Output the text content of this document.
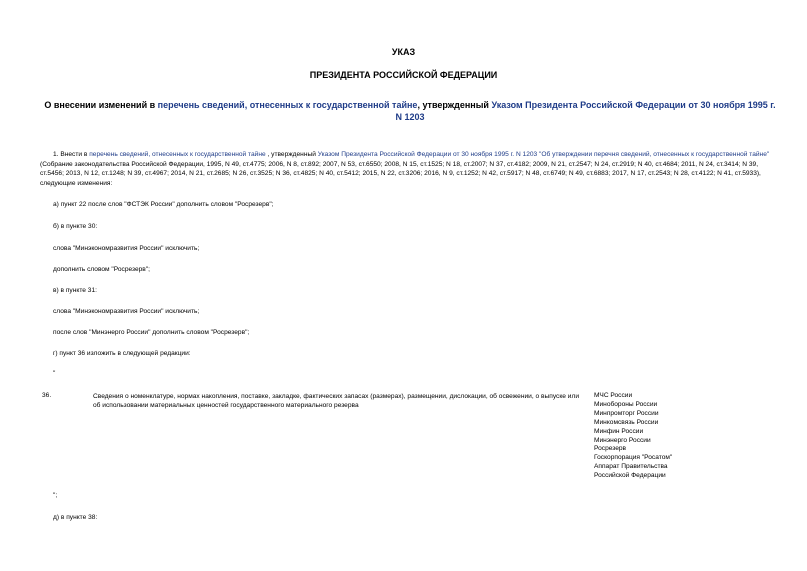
УКАЗ
ПРЕЗИДЕНТА РОССИЙСКОЙ ФЕДЕРАЦИИ
О внесении изменений в перечень сведений, отнесенных к государственной тайне, утвержденный Указом Президента Российской Федерации от 30 ноября 1995 г. N 1203
1. Внести в перечень сведений, отнесенных к государственной тайне , утвержденный Указом Президента Российской Федерации от 30 ноября 1995 г. N 1203 "Об утверждении перечня сведений, отнесенных к государственной тайне" (Собрание законодательства Российской Федерации, 1995, N 49, ст.4775; 2006, N 8, ст.892; 2007, N 53, ст.6550; 2008, N 15, ст.1525; N 18, ст.2007; N 37, ст.4182; 2009, N 21, ст.2547; N 24, ст.2919; N 40, ст.4684; 2011, N 24, ст.3414; N 39, ст.5456; 2013, N 12, ст.1248; N 39, ст.4967; 2014, N 21, ст.2685; N 26, ст.3525; N 36, ст.4825; N 40, ст.5412; 2015, N 22, ст.3206; 2016, N 9, ст.1252; N 42, ст.5917; N 48, ст.6749; N 49, ст.6883; 2017, N 17, ст.2543; N 28, ст.4122; N 41, ст.5933), следующие изменения:
а) пункт 22 после слов "ФСТЭК России" дополнить словом "Росрезерв";
б) в пункте 30:
слова "Минэкономразвития России" исключить;
дополнить словом "Росрезерв";
в) в пункте 31:
слова "Минэкономразвития России" исключить;
после слов "Минэнерго России" дополнить словом "Росрезерв";
г) пункт 36 изложить в следующей редакции:
"
36.	Сведения о номенклатуре, нормах накопления, поставке, закладке, фактических запасах (размерах), размещении, дислокации, об освежении, о выпуске или об использовании материальных ценностей государственного материального резерва
МЧС России
Минобороны России
Минпромторг России
Минкомсвязь России
Минфин России
Минэнерго России
Росрезерв
Госкорпорация "Росатом"
Аппарат Правительства
Российской Федерации
";
д) в пункте 38:
